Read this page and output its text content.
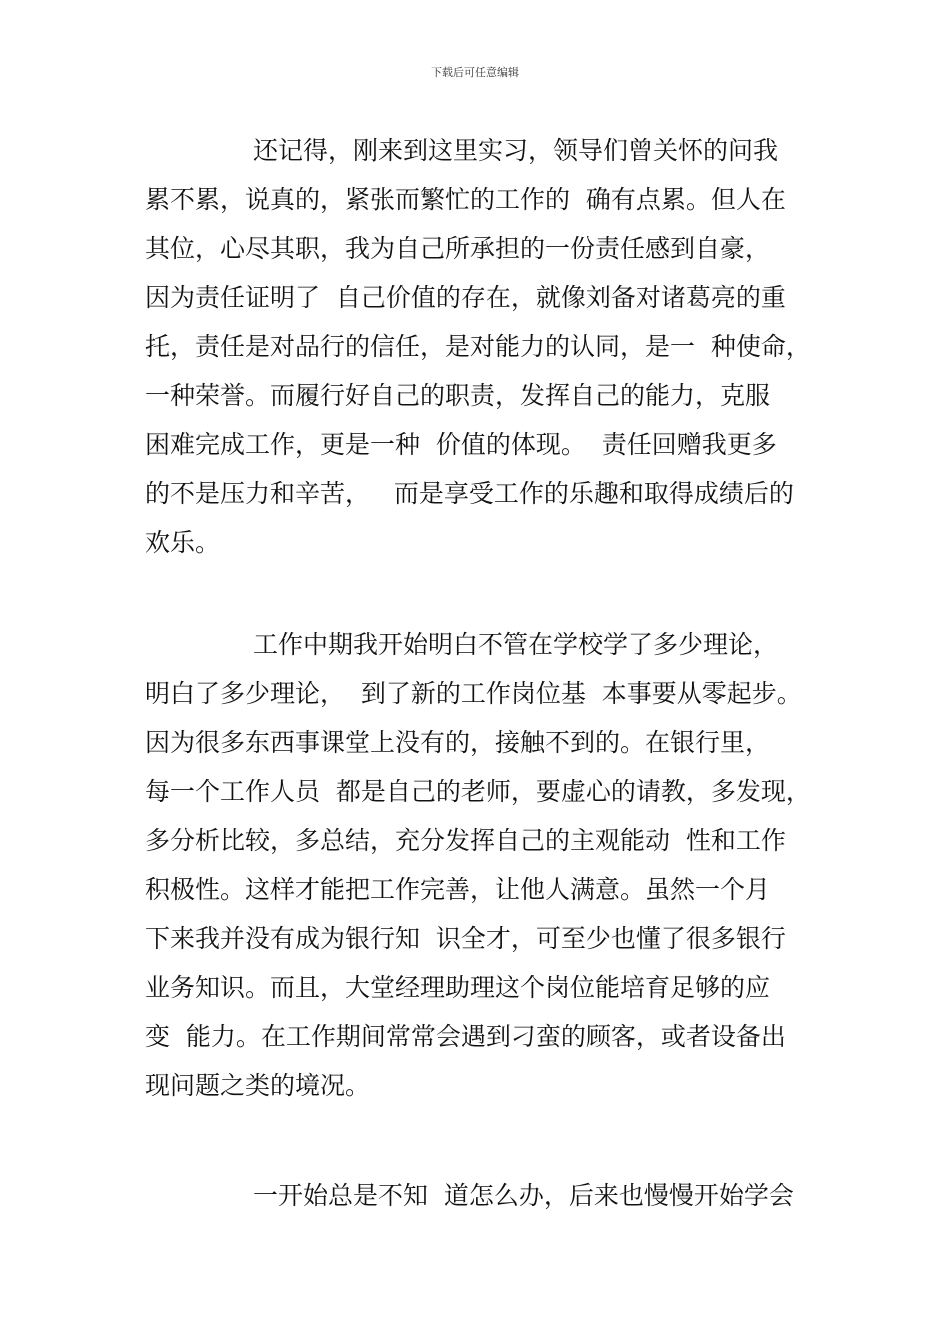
下载后可任意编辑
还记得，刚来到这里实习，领导们曾关怀的问我
累不累，说真的，紧张而繁忙的工作的  确有点累。但人在
其位，心尽其职，我为自己所承担的一份责任感到自豪，
因为责任证明了  自己价值的存在，就像刘备对诸葛亮的重
托，责任是对品行的信任，是对能力的认同，是一  种使命，
一种荣誉。而履行好自己的职责，发挥自己的能力，克服
困难完成工作，更是一种  价值的体现。  责任回赠我更多
的不是压力和辛苦，   而是享受工作的乐趣和取得成绩后的
欢乐。
工作中期我开始明白不管在学校学了多少理论，
明白了多少理论，  到了新的工作岗位基  本事要从零起步。
因为很多东西事课堂上没有的，接触不到的。在银行里，
每一个工作人员  都是自己的老师，要虚心的请教，多发现，
多分析比较，多总结，充分发挥自己的主观能动  性和工作
积极性。这样才能把工作完善，让他人满意。虽然一个月
下来我并没有成为银行知  识全才，可至少也懂了很多银行
业务知识。而且，大堂经理助理这个岗位能培育足够的应
变  能力。在工作期间常常会遇到刁蛮的顾客，或者设备出
现问题之类的境况。
一开始总是不知  道怎么办，后来也慢慢开始学会
